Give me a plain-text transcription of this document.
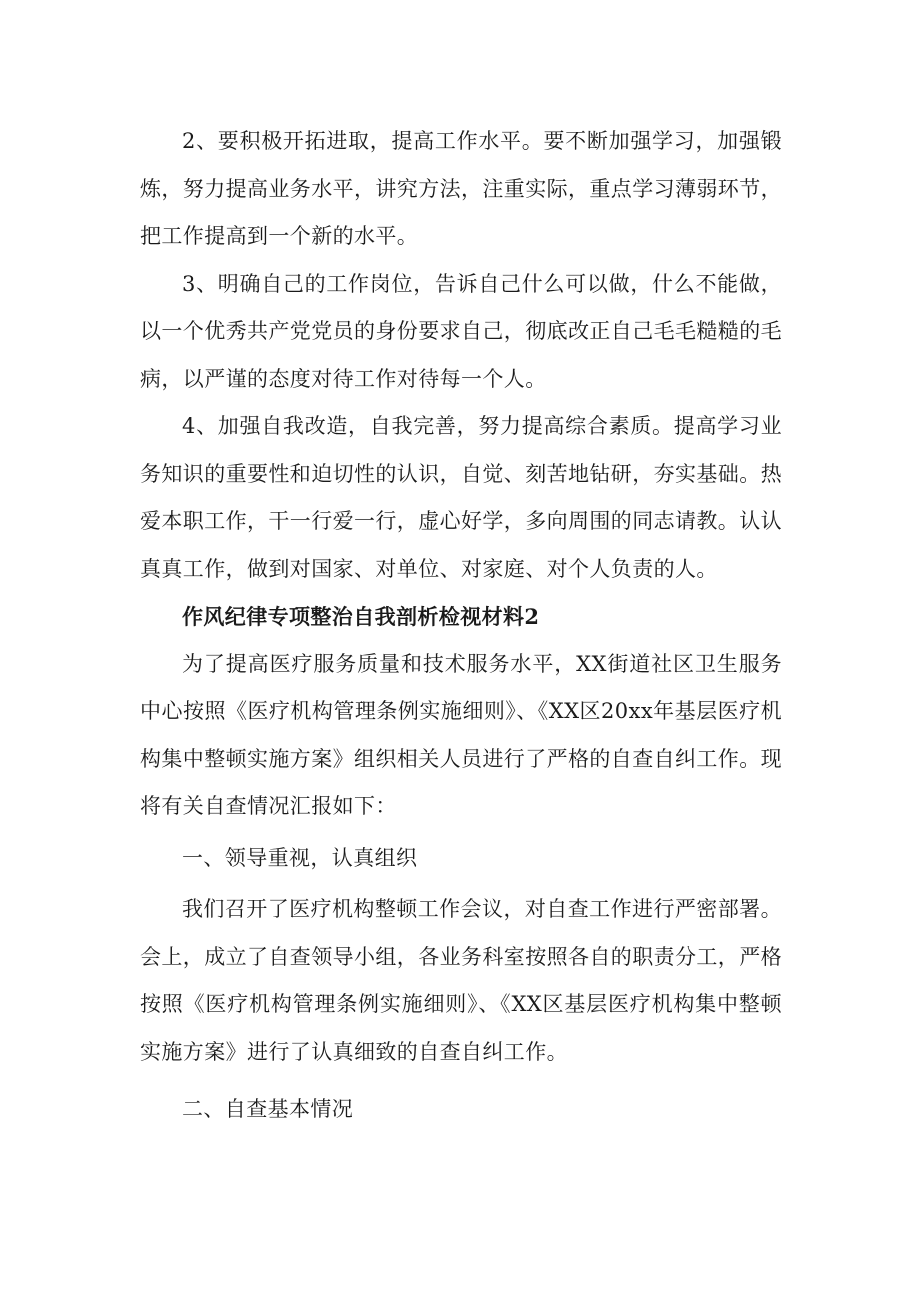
2、要积极开拓进取，提高工作水平。要不断加强学习，加强锻炼，努力提高业务水平，讲究方法，注重实际，重点学习薄弱环节，把工作提高到一个新的水平。

3、明确自己的工作岗位，告诉自己什么可以做，什么不能做，以一个优秀共产党党员的身份要求自己，彻底改正自己毛毛糙糙的毛病，以严谨的态度对待工作对待每一个人。

4、加强自我改造，自我完善，努力提高综合素质。提高学习业务知识的重要性和迫切性的认识，自觉、刻苦地钻研，夯实基础。热爱本职工作，干一行爱一行，虚心好学，多向周围的同志请教。认认真真工作，做到对国家、对单位、对家庭、对个人负责的人。

作风纪律专项整治自我剖析检视材料2

为了提高医疗服务质量和技术服务水平，XX街道社区卫生服务中心按照《医疗机构管理条例实施细则》、《XX区20xx年基层医疗机构集中整顿实施方案》组织相关人员进行了严格的自查自纠工作。现将有关自查情况汇报如下：

一、领导重视，认真组织

我们召开了医疗机构整顿工作会议，对自查工作进行严密部署。会上，成立了自查领导小组，各业务科室按照各自的职责分工，严格按照《医疗机构管理条例实施细则》、《XX区基层医疗机构集中整顿实施方案》进行了认真细致的自查自纠工作。

二、自查基本情况
